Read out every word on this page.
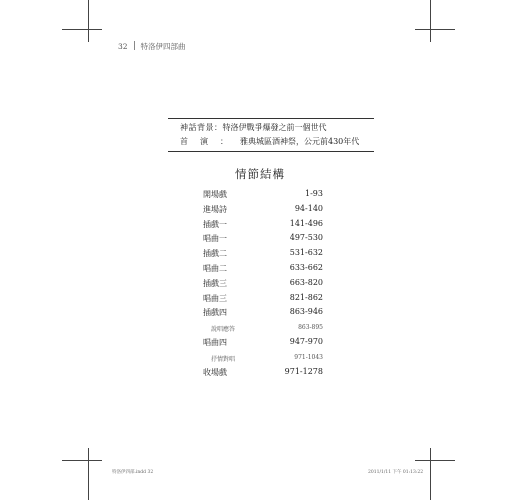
32 特洛伊四部曲
神話背景：特洛伊戰爭爆發之前一個世代
首演：雅典城區酒神祭，公元前430年代
情節結構
開場戲	1-93
進場詩	94-140
插戲一	141-496
唱曲一	497-530
插戲二	531-632
唱曲二	633-662
插戲三	663-820
唱曲三	821-862
插戲四	863-946
說唱應答	863-895
唱曲四	947-970
抒情對唱	971-1043
收場戲	971-1278
特洛伊四部.indd 32	2011/1/11 下午 01:13:22
